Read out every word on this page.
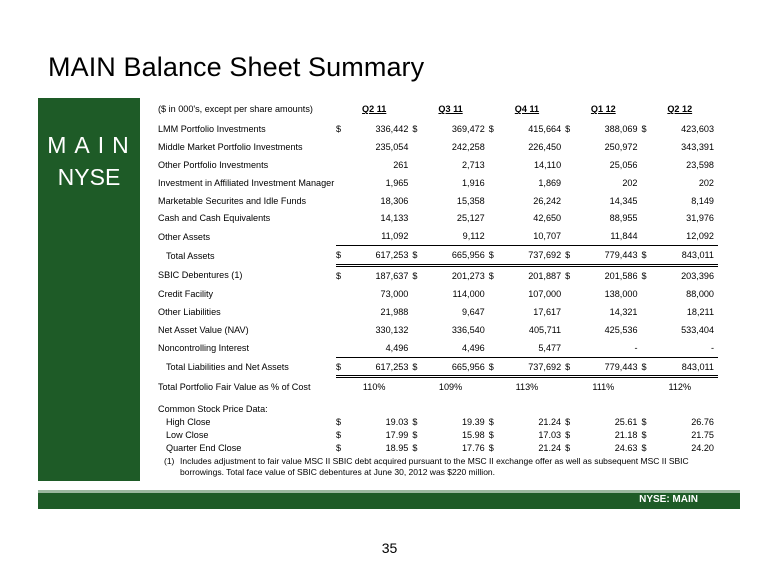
MAIN Balance Sheet Summary
MAIN
NYSE
($ in 000's, except per share amounts)	Q2 11		Q3 11		Q4 11		Q1 12		Q2 12	
LMM Portfolio Investments	$	336,442	$	369,472	$	415,664	$	388,069	$	423,603
Middle Market Portfolio Investments		235,054		242,258		226,450		250,972		343,391
Other Portfolio Investments		261		2,713		14,110		25,056		23,598
Investment in Affiliated Investment Manager		1,965		1,916		1,869		202		202
Marketable Securites and Idle Funds		18,306		15,358		26,242		14,345		8,149
Cash and Cash Equivalents		14,133		25,127		42,650		88,955		31,976
Other Assets		11,092		9,112		10,707		11,844		12,092
Total Assets	$	617,253	$	665,956	$	737,692	$	779,443	$	843,011
SBIC Debentures (1)	$	187,637	$	201,273	$	201,887	$	201,586	$	203,396
Credit Facility		73,000		114,000		107,000		138,000		88,000
Other Liabilities		21,988		9,647		17,617		14,321		18,211
Net Asset Value (NAV)		330,132		336,540		405,711		425,536		533,404
Noncontrolling Interest		4,496		4,496		5,477		-		-
Total Liabilities and Net Assets	$	617,253	$	665,956	$	737,692	$	779,443	$	843,011
Total Portfolio Fair Value as % of Cost	110%		109%		113%		111%		112%	

Common Stock Price Data:										
High Close	$	19.03	$	19.39	$	21.24	$	25.61	$	26.76
Low Close	$	17.99	$	15.98	$	17.03	$	21.18	$	21.75
Quarter End Close	$	18.95	$	17.76	$	21.24	$	24.63	$	24.20
(1) Includes adjustment to fair value MSC II SBIC debt acquired pursuant to the MSC II exchange offer as well as subsequent MSC II SBIC borrowings. Total face value of SBIC debentures at June 30, 2012 was $220 million.
NYSE: MAIN
35
